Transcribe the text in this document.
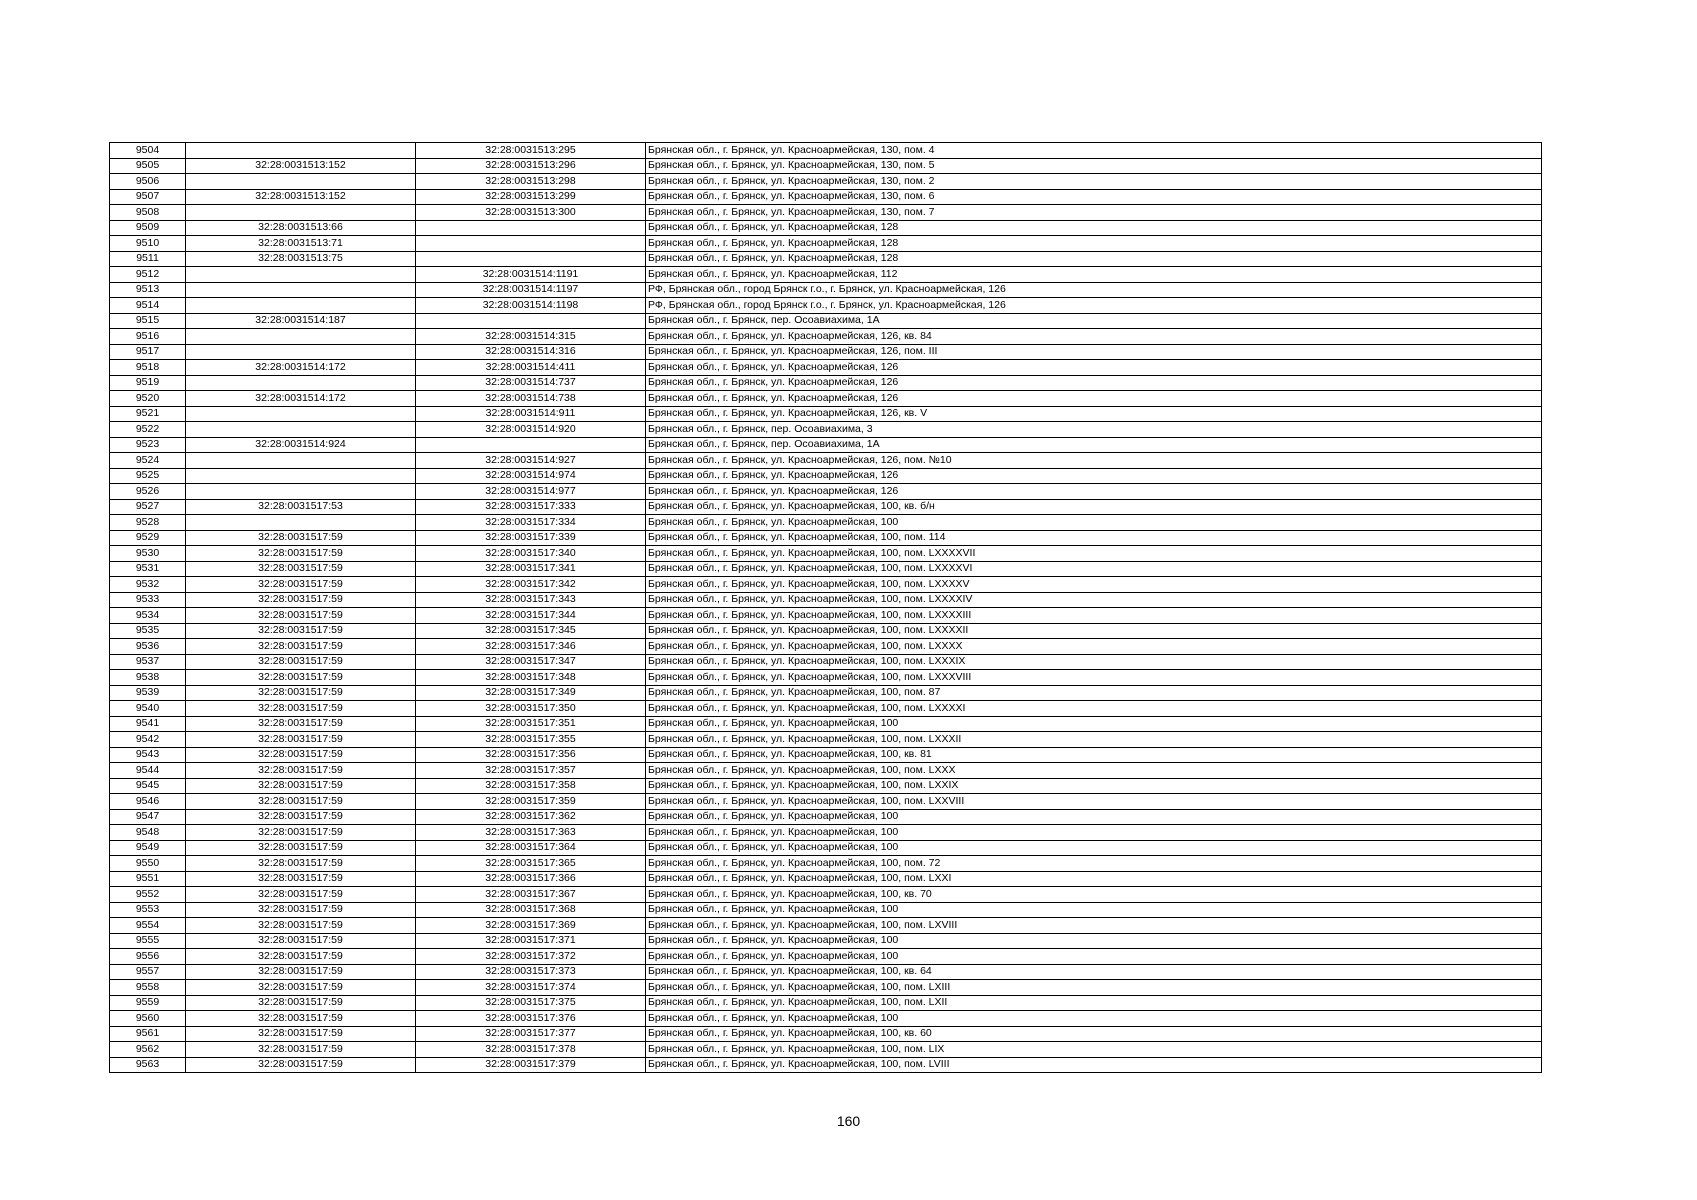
9504		32:28:0031513:295	Брянская обл., г. Брянск, ул. Красноармейская, 130, пом. 4
9505	32:28:0031513:152	32:28:0031513:296	Брянская обл., г. Брянск, ул. Красноармейская, 130, пом. 5
9506		32:28:0031513:298	Брянская обл., г. Брянск, ул. Красноармейская, 130, пом. 2
9507	32:28:0031513:152	32:28:0031513:299	Брянская обл., г. Брянск, ул. Красноармейская, 130, пом. 6
9508		32:28:0031513:300	Брянская обл., г. Брянск, ул. Красноармейская, 130, пом. 7
9509	32:28:0031513:66		Брянская обл., г. Брянск, ул. Красноармейская, 128
9510	32:28:0031513:71		Брянская обл., г. Брянск, ул. Красноармейская, 128
9511	32:28:0031513:75		Брянская обл., г. Брянск, ул. Красноармейская, 128
9512		32:28:0031514:1191	Брянская обл., г. Брянск, ул. Красноармейская, 112
9513		32:28:0031514:1197	РФ, Брянская обл., город Брянск г.о., г. Брянск, ул. Красноармейская, 126
9514		32:28:0031514:1198	РФ, Брянская обл., город Брянск г.о., г. Брянск, ул. Красноармейская, 126
9515	32:28:0031514:187		Брянская обл., г. Брянск, пер. Осоавиахима, 1А
9516		32:28:0031514:315	Брянская обл., г. Брянск, ул. Красноармейская, 126, кв. 84
9517		32:28:0031514:316	Брянская обл., г. Брянск, ул. Красноармейская, 126, пом. III
9518	32:28:0031514:172	32:28:0031514:411	Брянская обл., г. Брянск, ул. Красноармейская, 126
9519		32:28:0031514:737	Брянская обл., г. Брянск, ул. Красноармейская, 126
9520	32:28:0031514:172	32:28:0031514:738	Брянская обл., г. Брянск, ул. Красноармейская, 126
9521		32:28:0031514:911	Брянская обл., г. Брянск, ул. Красноармейская, 126, кв. V
9522		32:28:0031514:920	Брянская обл., г. Брянск, пер. Осоавиахима, 3
9523	32:28:0031514:924		Брянская обл., г. Брянск, пер. Осоавиахима, 1А
9524		32:28:0031514:927	Брянская обл., г. Брянск, ул. Красноармейская, 126, пом. №10
9525		32:28:0031514:974	Брянская обл., г. Брянск, ул. Красноармейская, 126
9526		32:28:0031514:977	Брянская обл., г. Брянск, ул. Красноармейская, 126
9527	32:28:0031517:53	32:28:0031517:333	Брянская обл., г. Брянск, ул. Красноармейская, 100, кв. б/н
9528		32:28:0031517:334	Брянская обл., г. Брянск, ул. Красноармейская, 100
9529	32:28:0031517:59	32:28:0031517:339	Брянская обл., г. Брянск, ул. Красноармейская, 100, пом. 114
9530	32:28:0031517:59	32:28:0031517:340	Брянская обл., г. Брянск, ул. Красноармейская, 100, пом. LXXXXVII
9531	32:28:0031517:59	32:28:0031517:341	Брянская обл., г. Брянск, ул. Красноармейская, 100, пом. LXXXXVI
9532	32:28:0031517:59	32:28:0031517:342	Брянская обл., г. Брянск, ул. Красноармейская, 100, пом. LXXXXV
9533	32:28:0031517:59	32:28:0031517:343	Брянская обл., г. Брянск, ул. Красноармейская, 100, пом. LXXXXIV
9534	32:28:0031517:59	32:28:0031517:344	Брянская обл., г. Брянск, ул. Красноармейская, 100, пом. LXXXXIII
9535	32:28:0031517:59	32:28:0031517:345	Брянская обл., г. Брянск, ул. Красноармейская, 100, пом. LXXXXII
9536	32:28:0031517:59	32:28:0031517:346	Брянская обл., г. Брянск, ул. Красноармейская, 100, пом. LXXXX
9537	32:28:0031517:59	32:28:0031517:347	Брянская обл., г. Брянск, ул. Красноармейская, 100, пом. LXXXIX
9538	32:28:0031517:59	32:28:0031517:348	Брянская обл., г. Брянск, ул. Красноармейская, 100, пом. LXXXVIII
9539	32:28:0031517:59	32:28:0031517:349	Брянская обл., г. Брянск, ул. Красноармейская, 100, пом. 87
9540	32:28:0031517:59	32:28:0031517:350	Брянская обл., г. Брянск, ул. Красноармейская, 100, пом. LXXXXI
9541	32:28:0031517:59	32:28:0031517:351	Брянская обл., г. Брянск, ул. Красноармейская, 100
9542	32:28:0031517:59	32:28:0031517:355	Брянская обл., г. Брянск, ул. Красноармейская, 100, пом. LXXXII
9543	32:28:0031517:59	32:28:0031517:356	Брянская обл., г. Брянск, ул. Красноармейская, 100, кв. 81
9544	32:28:0031517:59	32:28:0031517:357	Брянская обл., г. Брянск, ул. Красноармейская, 100, пом. LXXX
9545	32:28:0031517:59	32:28:0031517:358	Брянская обл., г. Брянск, ул. Красноармейская, 100, пом. LXXIX
9546	32:28:0031517:59	32:28:0031517:359	Брянская обл., г. Брянск, ул. Красноармейская, 100, пом. LXXVIII
9547	32:28:0031517:59	32:28:0031517:362	Брянская обл., г. Брянск, ул. Красноармейская, 100
9548	32:28:0031517:59	32:28:0031517:363	Брянская обл., г. Брянск, ул. Красноармейская, 100
9549	32:28:0031517:59	32:28:0031517:364	Брянская обл., г. Брянск, ул. Красноармейская, 100
9550	32:28:0031517:59	32:28:0031517:365	Брянская обл., г. Брянск, ул. Красноармейская, 100, пом. 72
9551	32:28:0031517:59	32:28:0031517:366	Брянская обл., г. Брянск, ул. Красноармейская, 100, пом. LXXI
9552	32:28:0031517:59	32:28:0031517:367	Брянская обл., г. Брянск, ул. Красноармейская, 100, кв. 70
9553	32:28:0031517:59	32:28:0031517:368	Брянская обл., г. Брянск, ул. Красноармейская, 100
9554	32:28:0031517:59	32:28:0031517:369	Брянская обл., г. Брянск, ул. Красноармейская, 100, пом. LXVIII
9555	32:28:0031517:59	32:28:0031517:371	Брянская обл., г. Брянск, ул. Красноармейская, 100
9556	32:28:0031517:59	32:28:0031517:372	Брянская обл., г. Брянск, ул. Красноармейская, 100
9557	32:28:0031517:59	32:28:0031517:373	Брянская обл., г. Брянск, ул. Красноармейская, 100, кв. 64
9558	32:28:0031517:59	32:28:0031517:374	Брянская обл., г. Брянск, ул. Красноармейская, 100, пом. LXIII
9559	32:28:0031517:59	32:28:0031517:375	Брянская обл., г. Брянск, ул. Красноармейская, 100, пом. LXII
9560	32:28:0031517:59	32:28:0031517:376	Брянская обл., г. Брянск, ул. Красноармейская, 100
9561	32:28:0031517:59	32:28:0031517:377	Брянская обл., г. Брянск, ул. Красноармейская, 100, кв. 60
9562	32:28:0031517:59	32:28:0031517:378	Брянская обл., г. Брянск, ул. Красноармейская, 100, пом. LIX
9563	32:28:0031517:59	32:28:0031517:379	Брянская обл., г. Брянск, ул. Красноармейская, 100, пом. LVIII
160
